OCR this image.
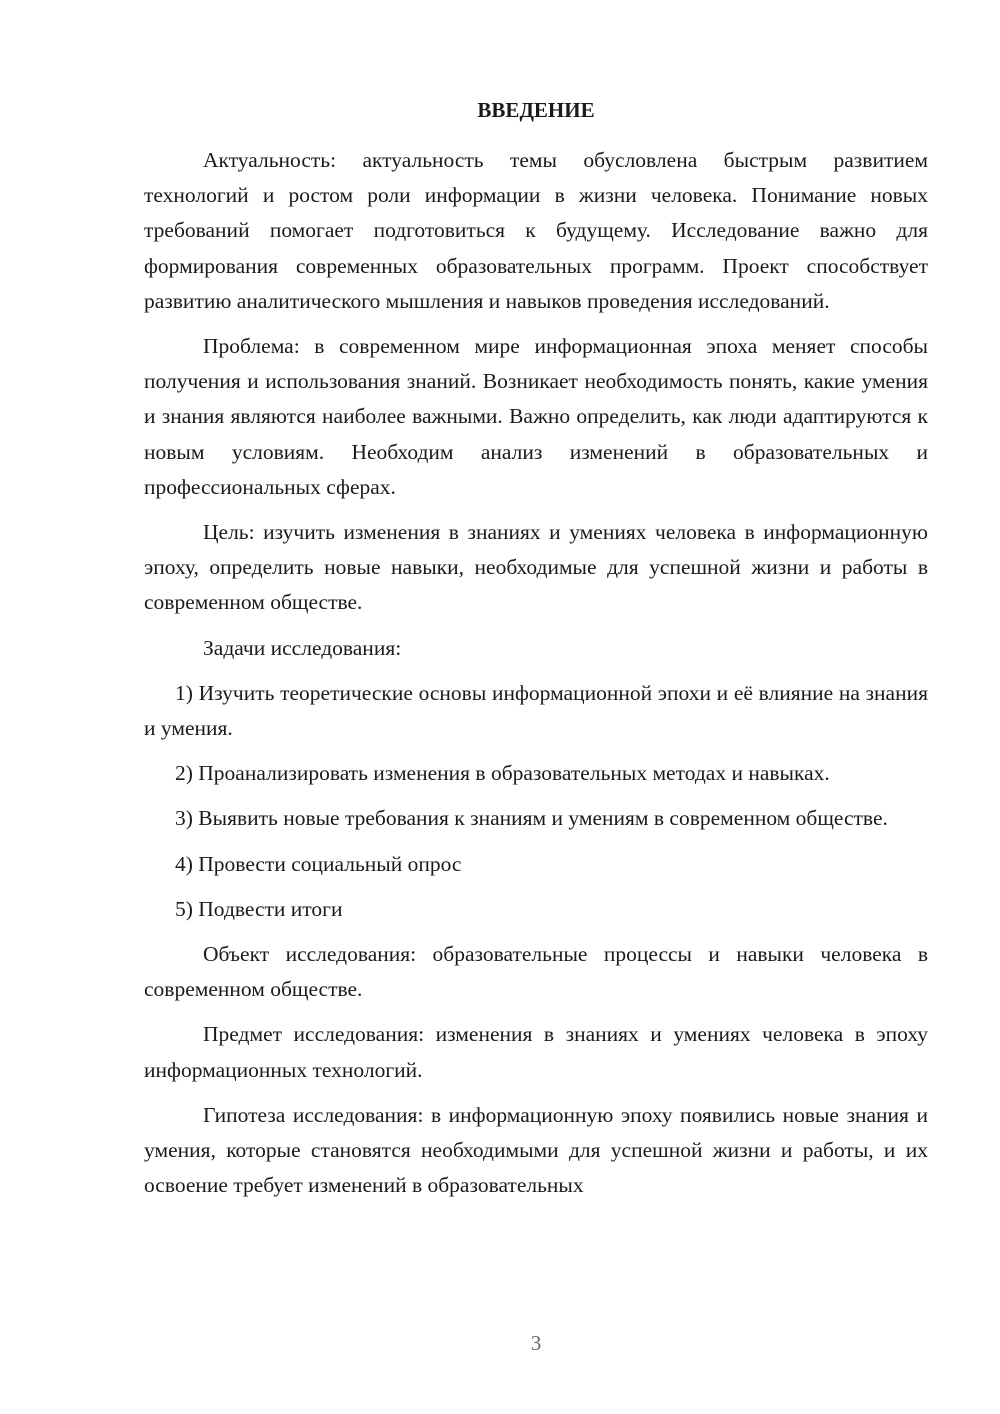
ВВЕДЕНИЕ

Актуальность: актуальность темы обусловлена быстрым развитием технологий и ростом роли информации в жизни человека. Понимание новых требований помогает подготовиться к будущему. Исследование важно для формирования современных образовательных программ. Проект способствует развитию аналитического мышления и навыков проведения исследований.

Проблема: в современном мире информационная эпоха меняет способы получения и использования знаний. Возникает необходимость понять, какие умения и знания являются наиболее важными. Важно определить, как люди адаптируются к новым условиям. Необходим анализ изменений в образовательных и профессиональных сферах.

Цель: изучить изменения в знаниях и умениях человека в информационную эпоху, определить новые навыки, необходимые для успешной жизни и работы в современном обществе.

Задачи исследования:

1) Изучить теоретические основы информационной эпохи и её влияние на знания и умения.

2) Проанализировать изменения в образовательных методах и навыках.

3) Выявить новые требования к знаниям и умениям в современном обществе.

4) Провести социальный опрос

5) Подвести итоги

Объект исследования: образовательные процессы и навыки человека в современном обществе.

Предмет исследования: изменения в знаниях и умениях человека в эпоху информационных технологий.

Гипотеза исследования: в информационную эпоху появились новые знания и умения, которые становятся необходимыми для успешной жизни и работы, и их освоение требует изменений в образовательных

3
